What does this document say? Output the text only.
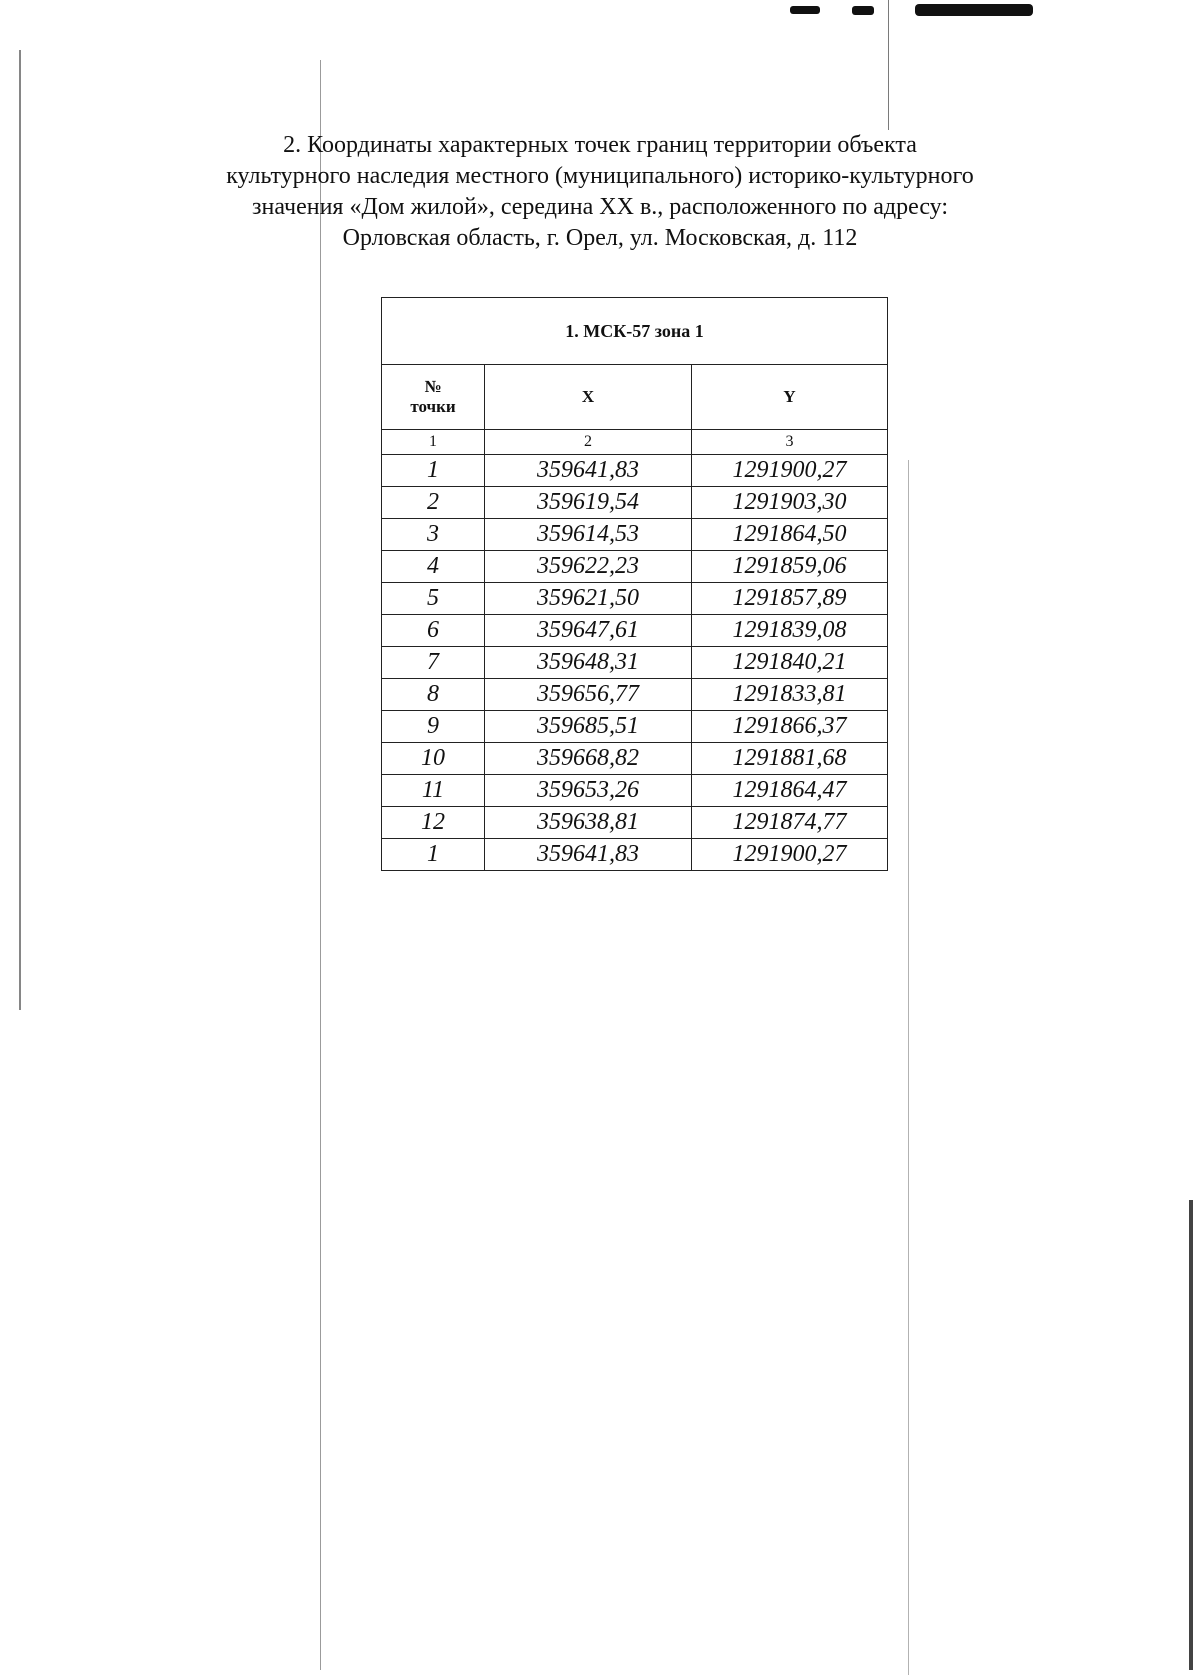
2. Координаты характерных точек границ территории объекта
культурного наследия местного (муниципального) историко-культурного
значения «Дом жилой», середина XX в., расположенного по адресу:
Орловская область, г. Орел, ул. Московская, д. 112
1. МСК-57 зона 1		
№ точки	X	Y
1	2	3
1	359641,83	1291900,27
2	359619,54	1291903,30
3	359614,53	1291864,50
4	359622,23	1291859,06
5	359621,50	1291857,89
6	359647,61	1291839,08
7	359648,31	1291840,21
8	359656,77	1291833,81
9	359685,51	1291866,37
10	359668,82	1291881,68
11	359653,26	1291864,47
12	359638,81	1291874,77
1	359641,83	1291900,27
